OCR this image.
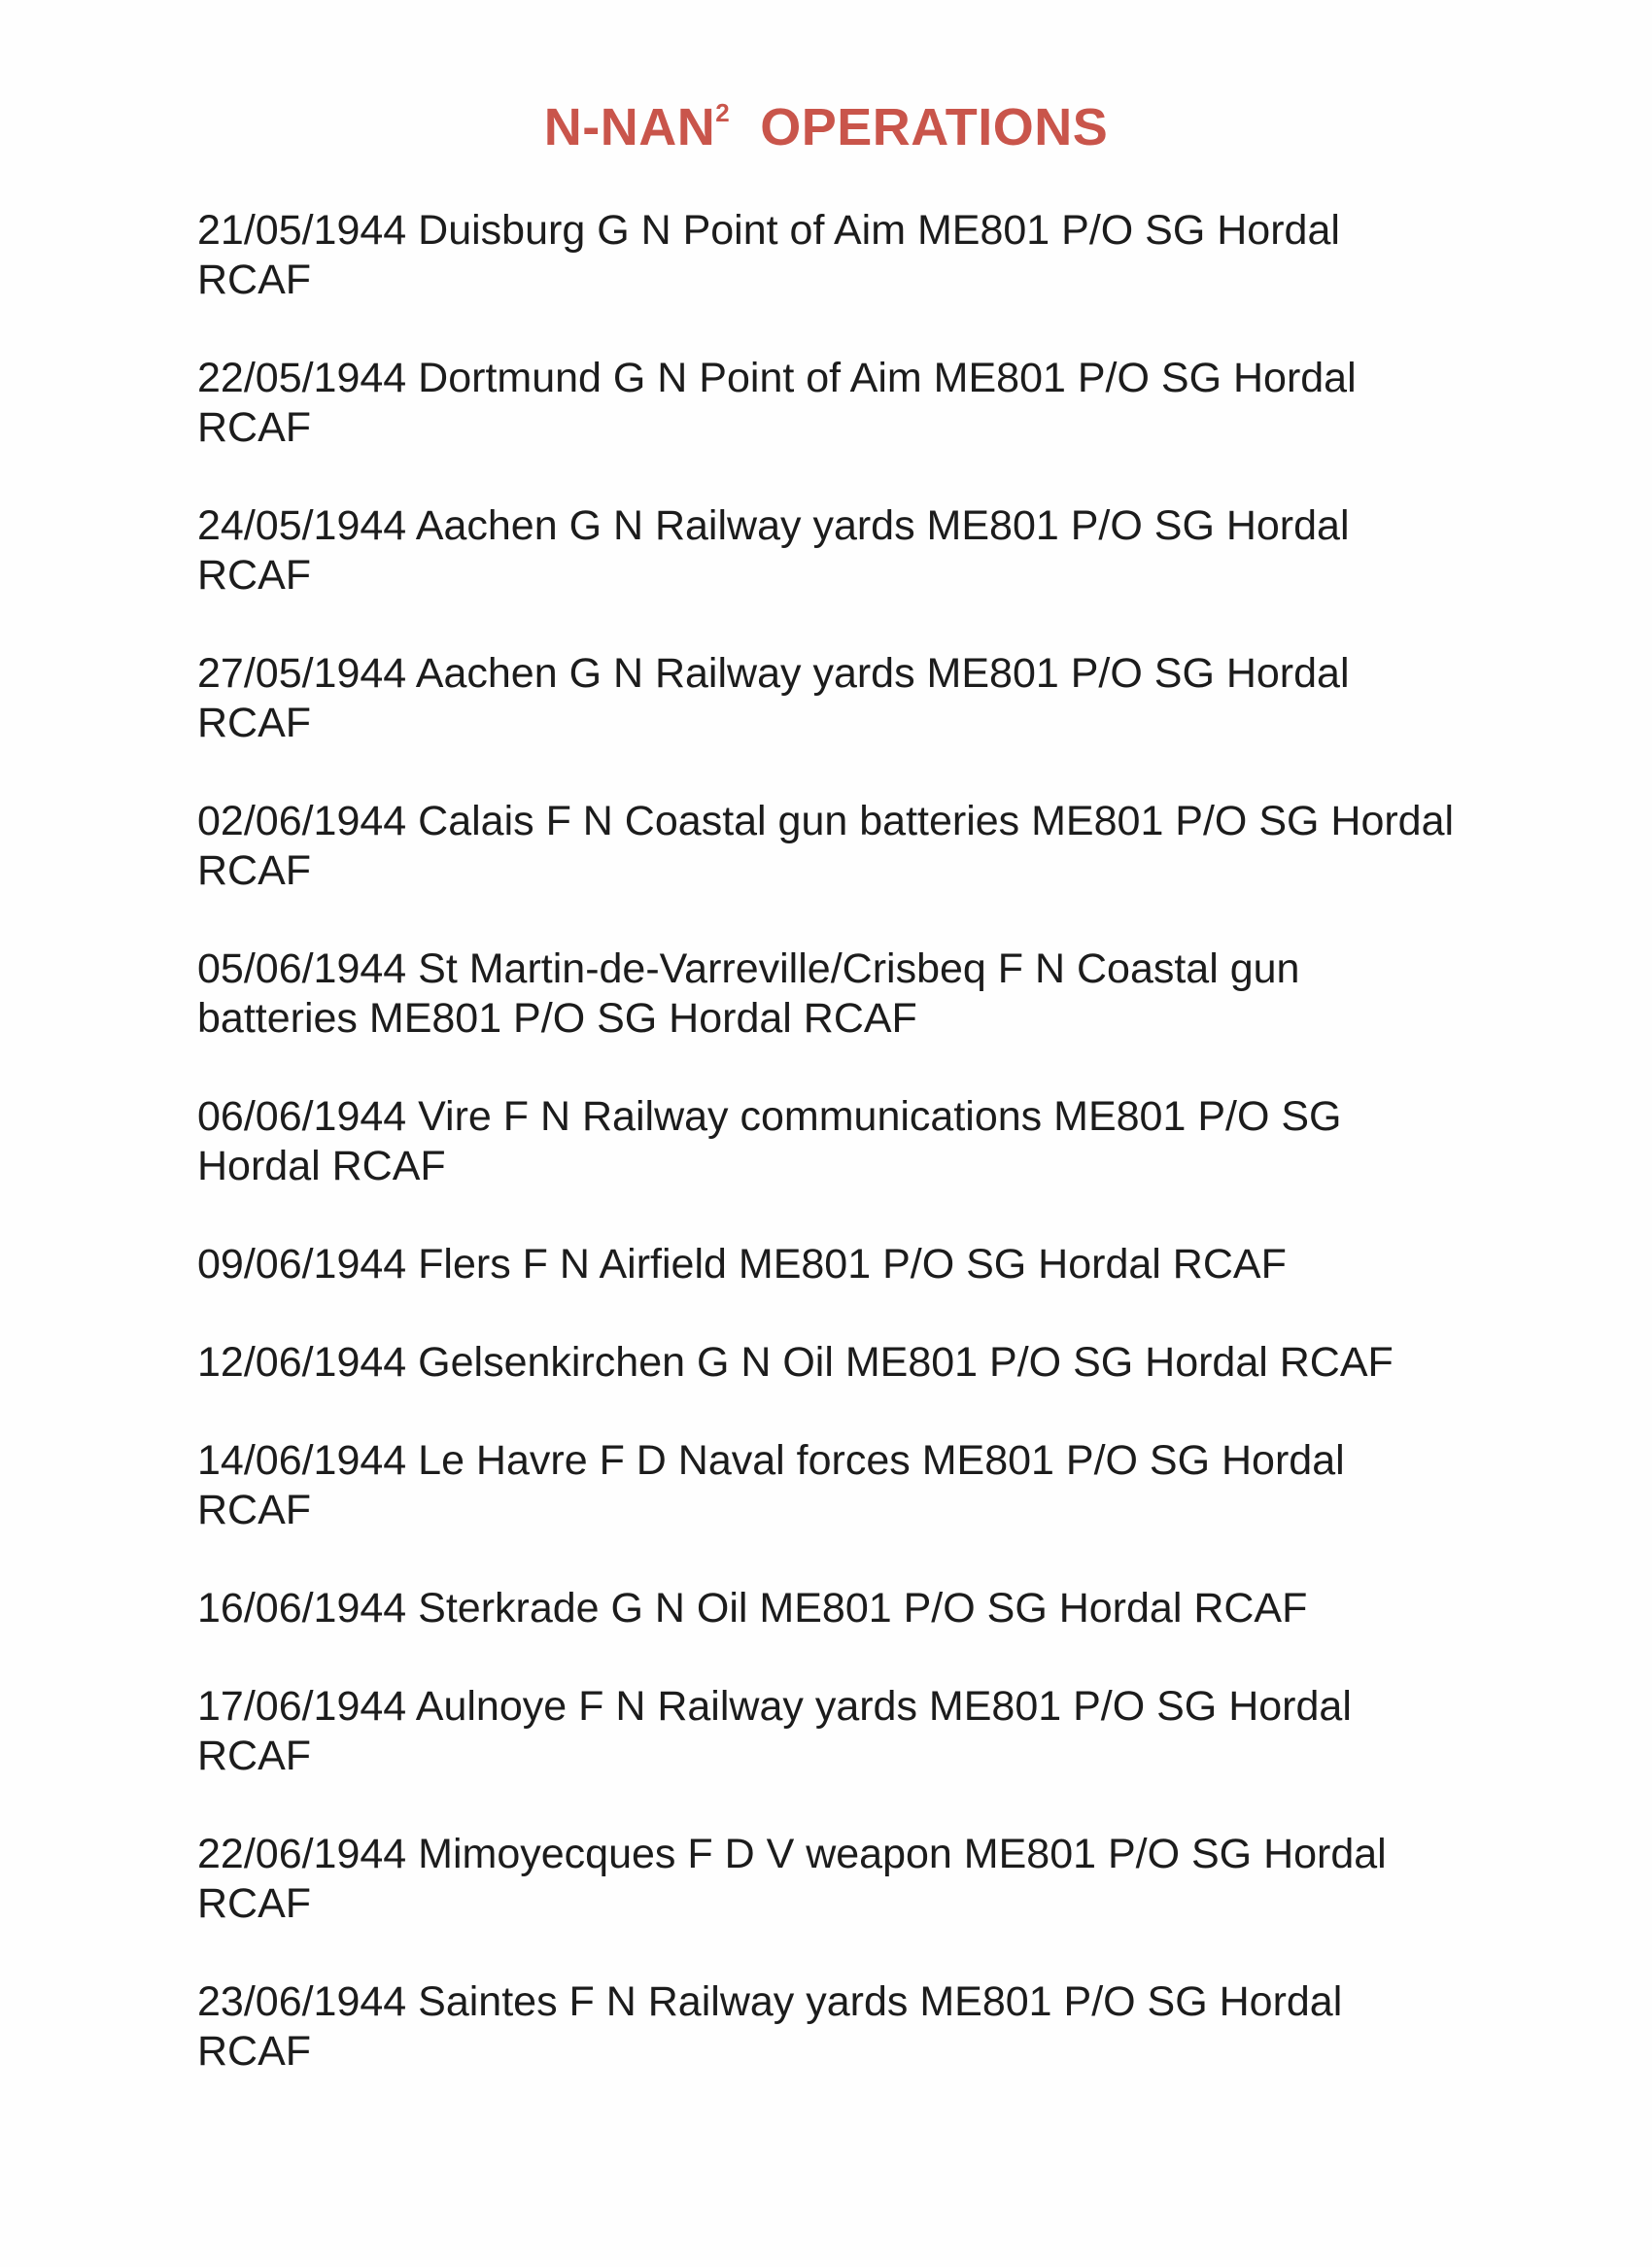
N-NAN$^2$  OPERATIONS
21/05/1944 Duisburg G N Point of Aim ME801 P/O SG Hordal
RCAF
22/05/1944 Dortmund G N Point of Aim ME801 P/O SG Hordal
RCAF
24/05/1944 Aachen G N Railway yards ME801 P/O SG Hordal
RCAF
27/05/1944 Aachen G N Railway yards ME801 P/O SG Hordal
RCAF
02/06/1944 Calais F N Coastal gun batteries ME801 P/O SG Hordal
RCAF
05/06/1944 St Martin-de-Varreville/Crisbeq F N Coastal gun
batteries ME801 P/O SG Hordal RCAF
06/06/1944 Vire F N Railway communications ME801 P/O SG
Hordal RCAF
09/06/1944 Flers F N Airfield ME801 P/O SG Hordal RCAF
12/06/1944 Gelsenkirchen G N Oil ME801 P/O SG Hordal RCAF
14/06/1944 Le Havre F D Naval forces ME801 P/O SG Hordal
RCAF
16/06/1944 Sterkrade G N Oil ME801 P/O SG Hordal RCAF
17/06/1944 Aulnoye F N Railway yards ME801 P/O SG Hordal
RCAF
22/06/1944 Mimoyecques F D V weapon ME801 P/O SG Hordal
RCAF
23/06/1944 Saintes F N Railway yards ME801 P/O SG Hordal
RCAF
